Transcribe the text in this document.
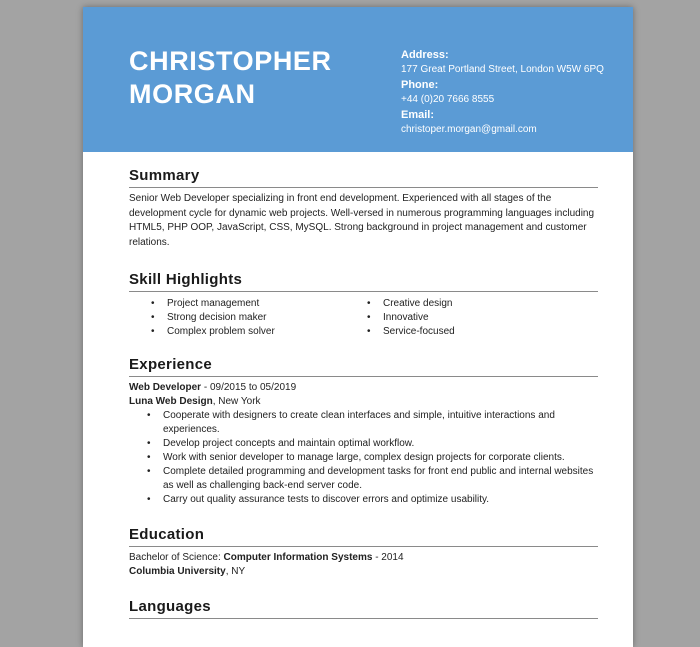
CHRISTOPHER
MORGAN
Address:
177 Great Portland Street, London W5W 6PQ
Phone:
+44 (0)20 7666 8555
Email:
christoper.morgan@gmail.com
Summary
Senior Web Developer specializing in front end development. Experienced with all stages of the development cycle for dynamic web projects. Well-versed in numerous programming languages including HTML5, PHP OOP, JavaScript, CSS, MySQL. Strong background in project management and customer relations.
Skill Highlights
• Project management
• Strong decision maker
• Complex problem solver
• Creative design
• Innovative
• Service-focused
Experience
Web Developer - 09/2015 to 05/2019
Luna Web Design, New York
• Cooperate with designers to create clean interfaces and simple, intuitive interactions and experiences.
• Develop project concepts and maintain optimal workflow.
• Work with senior developer to manage large, complex design projects for corporate clients.
• Complete detailed programming and development tasks for front end public and internal websites as well as challenging back-end server code.
• Carry out quality assurance tests to discover errors and optimize usability.
Education
Bachelor of Science: Computer Information Systems - 2014
Columbia University, NY
Languages
